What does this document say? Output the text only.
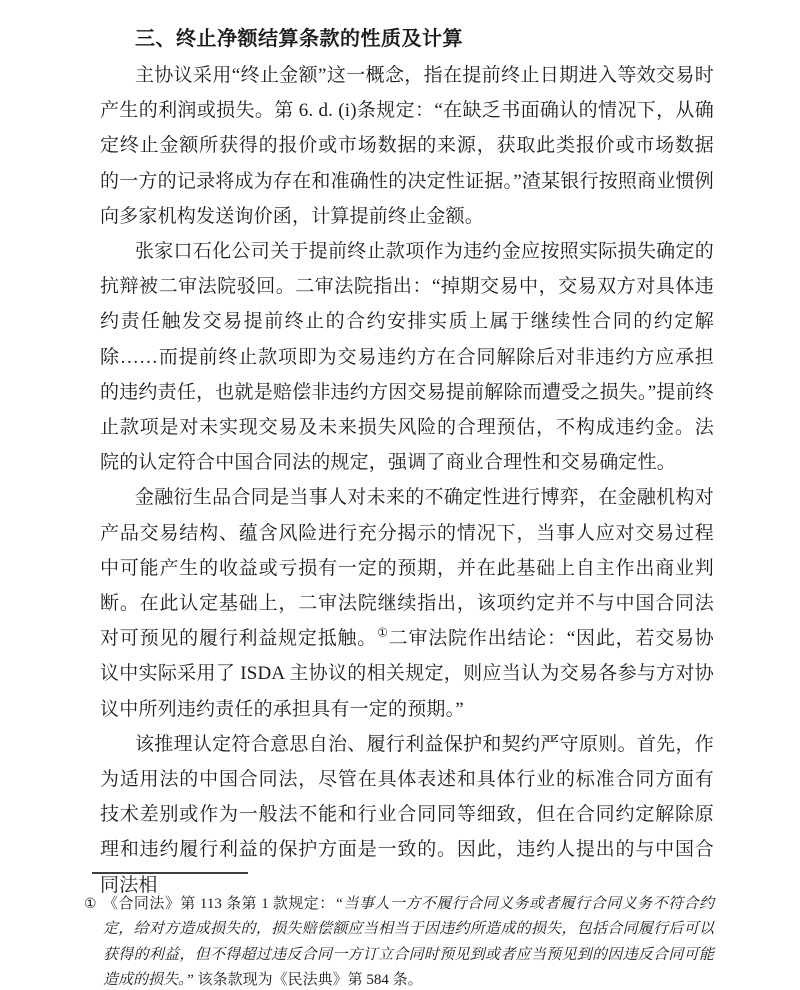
三、终止净额结算条款的性质及计算

主协议采用“终止金额”这一概念，指在提前终止日期进入等效交易时产生的利润或损失。第 6. d. (i)条规定：“在缺乏书面确认的情况下，从确定终止金额所获得的报价或市场数据的来源，获取此类报价或市场数据的一方的记录将成为存在和准确性的决定性证据。”渣某银行按照商业惯例向多家机构发送询价函，计算提前终止金额。

张家口石化公司关于提前终止款项作为违约金应按照实际损失确定的抗辩被二审法院驳回。二审法院指出：“掉期交易中，交易双方对具体违约责任触发交易提前终止的合约安排实质上属于继续性合同的约定解除……而提前终止款项即为交易违约方在合同解除后对非违约方应承担的违约责任，也就是赔偿非违约方因交易提前解除而遭受之损失。”提前终止款项是对未实现交易及未来损失风险的合理预估，不构成违约金。法院的认定符合中国合同法的规定，强调了商业合理性和交易确定性。

金融衍生品合同是当事人对未来的不确定性进行博弈，在金融机构对产品交易结构、蕴含风险进行充分揭示的情况下，当事人应对交易过程中可能产生的收益或亏损有一定的预期，并在此基础上自主作出商业判断。在此认定基础上，二审法院继续指出，该项约定并不与中国合同法对可预见的履行利益规定抵触。①二审法院作出结论：“因此，若交易协议中实际采用了 ISDA 主协议的相关规定，则应当认为交易各参与方对协议中所列违约责任的承担具有一定的预期。”

该推理认定符合意思自治、履行利益保护和契约严守原则。首先，作为适用法的中国合同法，尽管在具体表述和具体行业的标准合同方面有技术差别或作为一般法不能和行业合同同等细致，但在合同约定解除原理和违约履行利益的保护方面是一致的。因此，违约人提出的与中国合同法相

① 《合同法》第 113 条第 1 款规定：“当事人一方不履行合同义务或者履行合同义务不符合约定，给对方造成损失的，损失赔偿额应当相当于因违约所造成的损失，包括合同履行后可以获得的利益，但不得超过违反合同一方订立合同时预见到或者应当预见到的因违反合同可能造成的损失。” 该条款现为《民法典》第 584 条。
